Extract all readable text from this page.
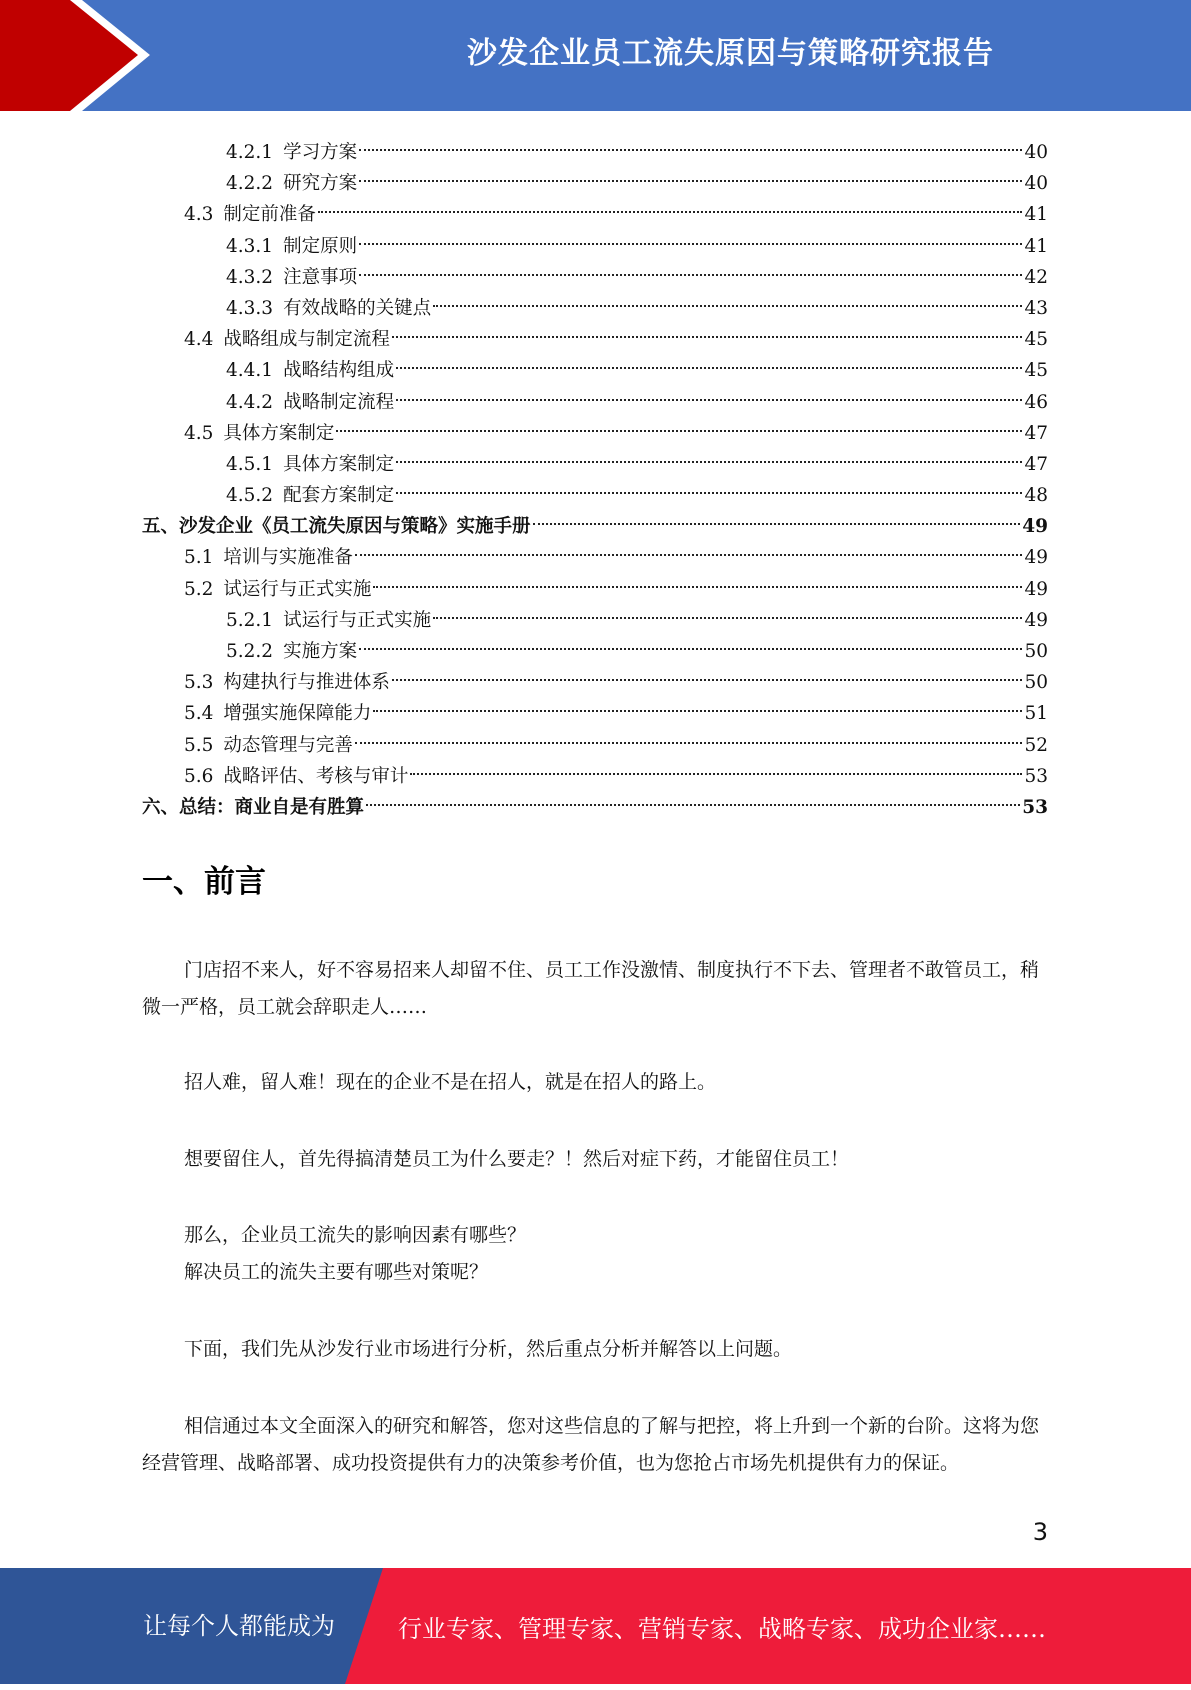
沙发企业员工流失原因与策略研究报告
4.2.1 学习方案	40
4.2.2 研究方案	40
4.3 制定前准备	41
4.3.1 制定原则	41
4.3.2 注意事项	42
4.3.3 有效战略的关键点	43
4.4 战略组成与制定流程	45
4.4.1 战略结构组成	45
4.4.2 战略制定流程	46
4.5 具体方案制定	47
4.5.1 具体方案制定	47
4.5.2 配套方案制定	48
五、沙发企业《员工流失原因与策略》实施手册	49
5.1 培训与实施准备	49
5.2 试运行与正式实施	49
5.2.1 试运行与正式实施	49
5.2.2 实施方案	50
5.3 构建执行与推进体系	50
5.4 增强实施保障能力	51
5.5 动态管理与完善	52
5.6 战略评估、考核与审计	53
六、总结：商业自是有胜算	53
一、前言

门店招不来人，好不容易招来人却留不住、员工工作没激情、制度执行不下去、管理者不敢管员工，稍微一严格，员工就会辞职走人……

招人难，留人难！现在的企业不是在招人，就是在招人的路上。

想要留住人，首先得搞清楚员工为什么要走？！然后对症下药，才能留住员工！

那么，企业员工流失的影响因素有哪些？

解决员工的流失主要有哪些对策呢？

下面，我们先从沙发行业市场进行分析，然后重点分析并解答以上问题。

相信通过本文全面深入的研究和解答，您对这些信息的了解与把控，将上升到一个新的台阶。这将为您经营管理、战略部署、成功投资提供有力的决策参考价值，也为您抢占市场先机提供有力的保证。

3
让每个人都能成为	行业专家、管理专家、营销专家、战略专家、成功企业家……
